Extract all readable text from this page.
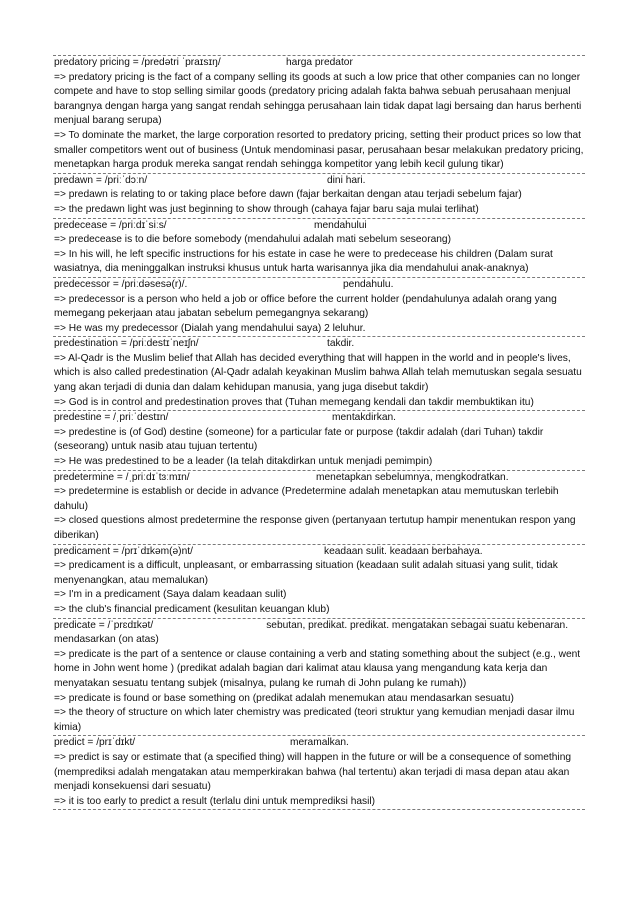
predatory pricing = /predətri ˈpraɪsɪŋ/	harga predator
=> predatory pricing is the fact of a company selling its goods at such a low price that other companies can no longer compete and have to stop selling similar goods (predatory pricing adalah fakta bahwa sebuah perusahaan menjual barangnya dengan harga yang sangat rendah sehingga perusahaan lain tidak dapat lagi bersaing dan harus berhenti menjual barang serupa)
=> To dominate the market, the large corporation resorted to predatory pricing, setting their product prices so low that smaller competitors went out of business (Untuk mendominasi pasar, perusahaan besar melakukan predatory pricing, menetapkan harga produk mereka sangat rendah sehingga kompetitor yang lebih kecil gulung tikar)
predawn = /priːˈdɔːn/	dini hari.
=> predawn is relating to or taking place before dawn (fajar berkaitan dengan atau terjadi sebelum fajar)
=> the predawn light was just beginning to show through (cahaya fajar baru saja mulai terlihat)
predecease = /priːdɪˈsiːs/	mendahului
=> predecease is to die before somebody (mendahului adalah mati sebelum seseorang)
=> In his will, he left specific instructions for his estate in case he were to predecease his children (Dalam surat wasiatnya, dia meninggalkan instruksi khusus untuk harta warisannya jika dia mendahului anak-anaknya)
predecessor = /priːdəsesə(r)/.	pendahulu.
=> predecessor is a person who held a job or office before the current holder (pendahulunya adalah orang yang memegang pekerjaan atau jabatan sebelum pemegangnya sekarang)
=> He was my predecessor (Dialah yang mendahului saya) 2 leluhur.
predestination = /priːdestɪˈneɪʃn/	takdir.
=> Al-Qadr is the Muslim belief that Allah has decided everything that will happen in the world and in people's lives, which is also called predestination (Al-Qadr adalah keyakinan Muslim bahwa Allah telah memutuskan segala sesuatu yang akan terjadi di dunia dan dalam kehidupan manusia, yang juga disebut takdir)
=> God is in control and predestination proves that (Tuhan memegang kendali dan takdir membuktikan itu)
predestine = /ˌpriːˈdestɪn/	mentakdirkan.
=> predestine is (of God) destine (someone) for a particular fate or purpose (takdir adalah (dari Tuhan) takdir (seseorang) untuk nasib atau tujuan tertentu)
=> He was predestined to be a leader (Ia telah ditakdirkan untuk menjadi pemimpin)
predetermine = /ˌpriːdɪˈtɜːmɪn/	menetapkan sebelumnya, mengkodratkan.
=> predetermine is establish or decide in advance (Predetermine adalah menetapkan atau memutuskan terlebih dahulu)
=> closed questions almost predetermine the response given (pertanyaan tertutup hampir menentukan respon yang diberikan)
predicament = /prɪˈdɪkəm(ə)nt/	keadaan sulit. keadaan berbahaya.
=> predicament is a difficult, unpleasant, or embarrassing situation (keadaan sulit adalah situasi yang sulit, tidak menyenangkan, atau memalukan)
=> I'm in a predicament (Saya dalam keadaan sulit)
=> the club's financial predicament (kesulitan keuangan klub)
predicate = /ˈprɛdɪkət/	sebutan, predikat. predikat. mengatakan sebagai suatu kebenaran. mendasarkan (on atas)
=> predicate is the part of a sentence or clause containing a verb and stating something about the subject (e.g., went home in John went home ) (predikat adalah bagian dari kalimat atau klausa yang mengandung kata kerja dan menyatakan sesuatu tentang subjek (misalnya, pulang ke rumah di John pulang ke rumah))
=> predicate is found or base something on (predikat adalah menemukan atau mendasarkan sesuatu)
=> the theory of structure on which later chemistry was predicated (teori struktur yang kemudian menjadi dasar ilmu kimia)
predict = /prɪˈdɪkt/	meramalkan.
=> predict is say or estimate that (a specified thing) will happen in the future or will be a consequence of something (memprediksi adalah mengatakan atau memperkirakan bahwa (hal tertentu) akan terjadi di masa depan atau akan menjadi konsekuensi dari sesuatu)
=> it is too early to predict a result (terlalu dini untuk memprediksi hasil)
